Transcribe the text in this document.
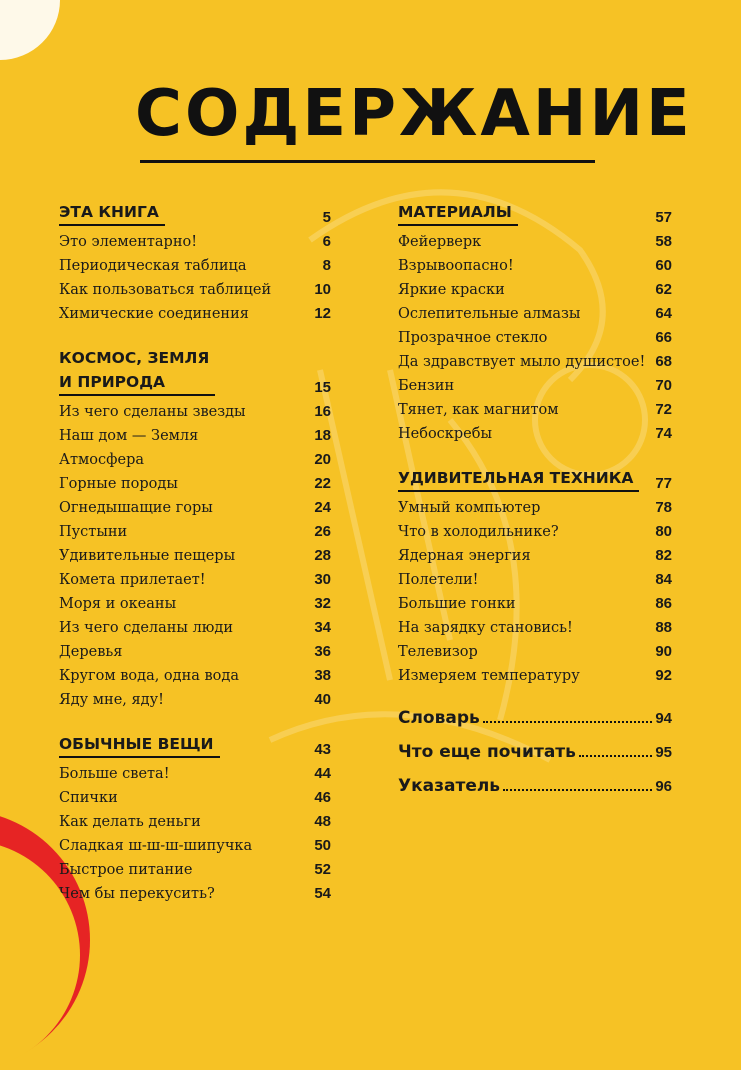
СОДЕРЖАНИЕ
ЭТА КНИГА	5
Это элементарно!	6
Периодическая таблица	8
Как пользоваться таблицей	10
Химические соединения	12
КОСМОС, ЗЕМЛЯ
И ПРИРОДА	15
Из чего сделаны звезды	16
Наш дом — Земля	18
Атмосфера	20
Горные породы	22
Огнедышащие горы	24
Пустыни	26
Удивительные пещеры	28
Комета прилетает!	30
Моря и океаны	32
Из чего сделаны люди	34
Деревья	36
Кругом вода, одна вода	38
Яду мне, яду!	40
ОБЫЧНЫЕ ВЕЩИ	43
Больше света!	44
Спички	46
Как делать деньги	48
Сладкая ш-ш-ш-шипучка	50
Быстрое питание	52
Чем бы перекусить?	54
МАТЕРИАЛЫ	57
Фейерверк	58
Взрывоопасно!	60
Яркие краски	62
Ослепительные алмазы	64
Прозрачное стекло	66
Да здравствует мыло душистое! 68
Бензин	70
Тянет, как магнитом	72
Небоскребы	74
УДИВИТЕЛЬНАЯ ТЕХНИКА	77
Умный компьютер	78
Что в холодильнике?	80
Ядерная энергия	82
Полетели!	84
Большие гонки	86
На зарядку становись!	88
Телевизор	90
Измеряем температуру	92
Словарь	94
Что еще почитать	95
Указатель	96
